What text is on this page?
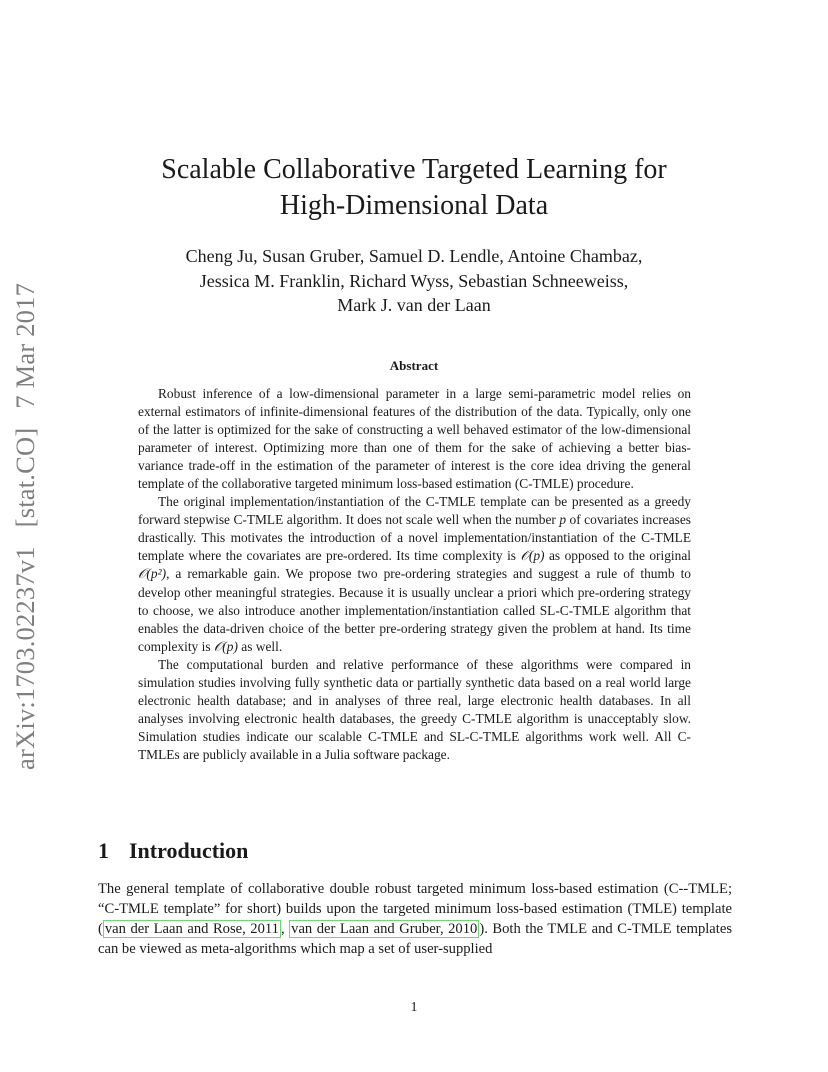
arXiv:1703.02237v1[stat.CO]7 Mar 2017
Scalable Collaborative Targeted Learning for
High-Dimensional Data
Cheng Ju, Susan Gruber, Samuel D. Lendle, Antoine Chambaz,
Jessica M. Franklin, Richard Wyss, Sebastian Schneeweiss,
Mark J. van der Laan
Abstract

Robust inference of a low-dimensional parameter in a large semi-parametric model relies on external estimators of infinite-dimensional features of the distribution of the data. Typically, only one of the latter is optimized for the sake of constructing a well behaved estimator of the low-dimensional parameter of interest. Optimizing more than one of them for the sake of achieving a better bias-variance trade-off in the estimation of the parameter of interest is the core idea driving the general template of the collaborative targeted minimum loss-based estimation (C-TMLE) procedure.

The original implementation/instantiation of the C-TMLE template can be presented as a greedy forward stepwise C-TMLE algorithm. It does not scale well when the number p of covariates increases drastically. This motivates the introduction of a novel implementation/instantiation of the C-TMLE template where the covariates are pre-ordered. Its time complexity is 𝒪(p) as opposed to the original 𝒪(p²), a remarkable gain. We propose two pre-ordering strategies and suggest a rule of thumb to develop other meaningful strategies. Because it is usually unclear a priori which pre-ordering strategy to choose, we also introduce another implementation/instantiation called SL-C-TMLE algorithm that enables the data-driven choice of the better pre-ordering strategy given the problem at hand. Its time complexity is 𝒪(p) as well.

The computational burden and relative performance of these algorithms were compared in simulation studies involving fully synthetic data or partially synthetic data based on a real world large electronic health database; and in analyses of three real, large electronic health databases. In all analyses involving electronic health databases, the greedy C-TMLE algorithm is unacceptably slow. Simulation studies indicate our scalable C-TMLE and SL-C-TMLE algorithms work well. All C-TMLEs are publicly available in a Julia software package.

1 Introduction

The general template of collaborative double robust targeted minimum loss-based estimation (C--TMLE; “C-TMLE template” for short) builds upon the targeted minimum loss-based estimation (TMLE) template ( van der Laan and Rose, 2011 , van der Laan and Gruber, 2010 ). Both the TMLE and C-TMLE templates can be viewed as meta-algorithms which map a set of user-supplied

1
